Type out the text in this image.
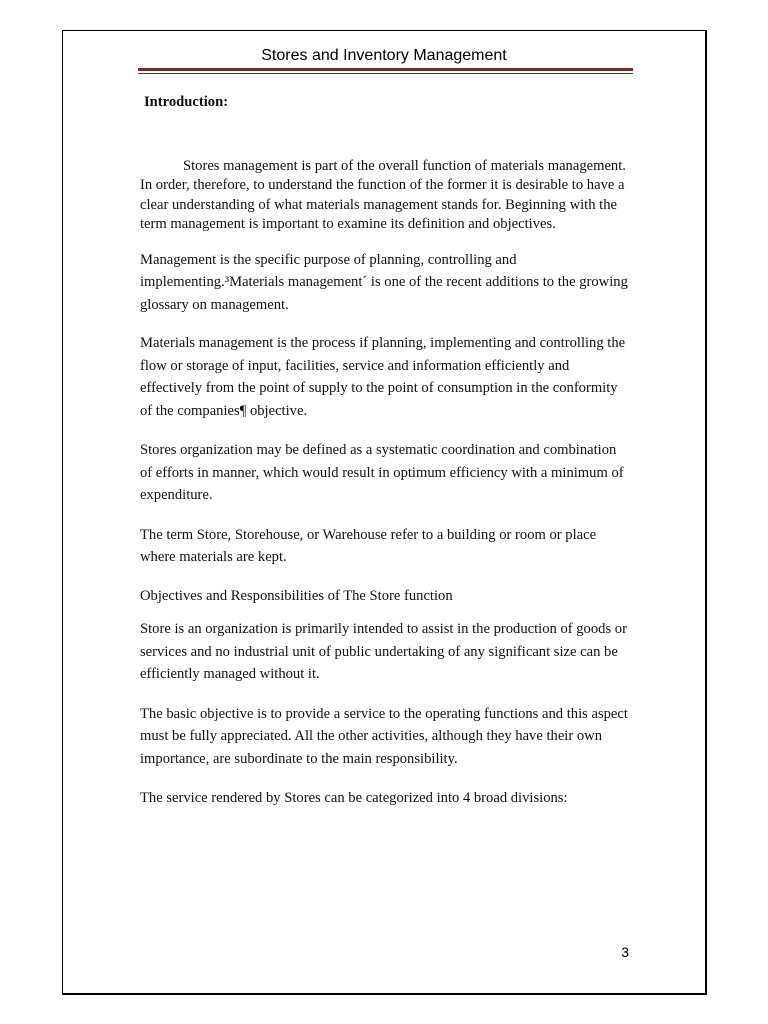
Stores and Inventory Management

Introduction:

Stores management is part of the overall function of materials management. In order, therefore, to understand the function of the former it is desirable to have a clear understanding of what materials management stands for. Beginning with the term management is important to examine its definition and objectives.

Management is the specific purpose of planning, controlling and implementing.³Materials management´ is one of the recent additions to the growing glossary on management.

Materials management is the process if planning, implementing and controlling the flow or storage of input, facilities, service and information efficiently and effectively from the point of supply to the point of consumption in the conformity of the companies¶ objective.

Stores organization may be defined as a systematic coordination and combination of efforts in manner, which would result in optimum efficiency with a minimum of expenditure.

The term Store, Storehouse, or Warehouse refer to a building or room or place where materials are kept.

Objectives and Responsibilities of The Store function

Store is an organization is primarily intended to assist in the production of goods or services and no industrial unit of public undertaking of any significant size can be efficiently managed without it.

The basic objective is to provide a service to the operating functions and this aspect must be fully appreciated. All the other activities, although they have their own importance, are subordinate to the main responsibility.

The service rendered by Stores can be categorized into 4 broad divisions:

3
